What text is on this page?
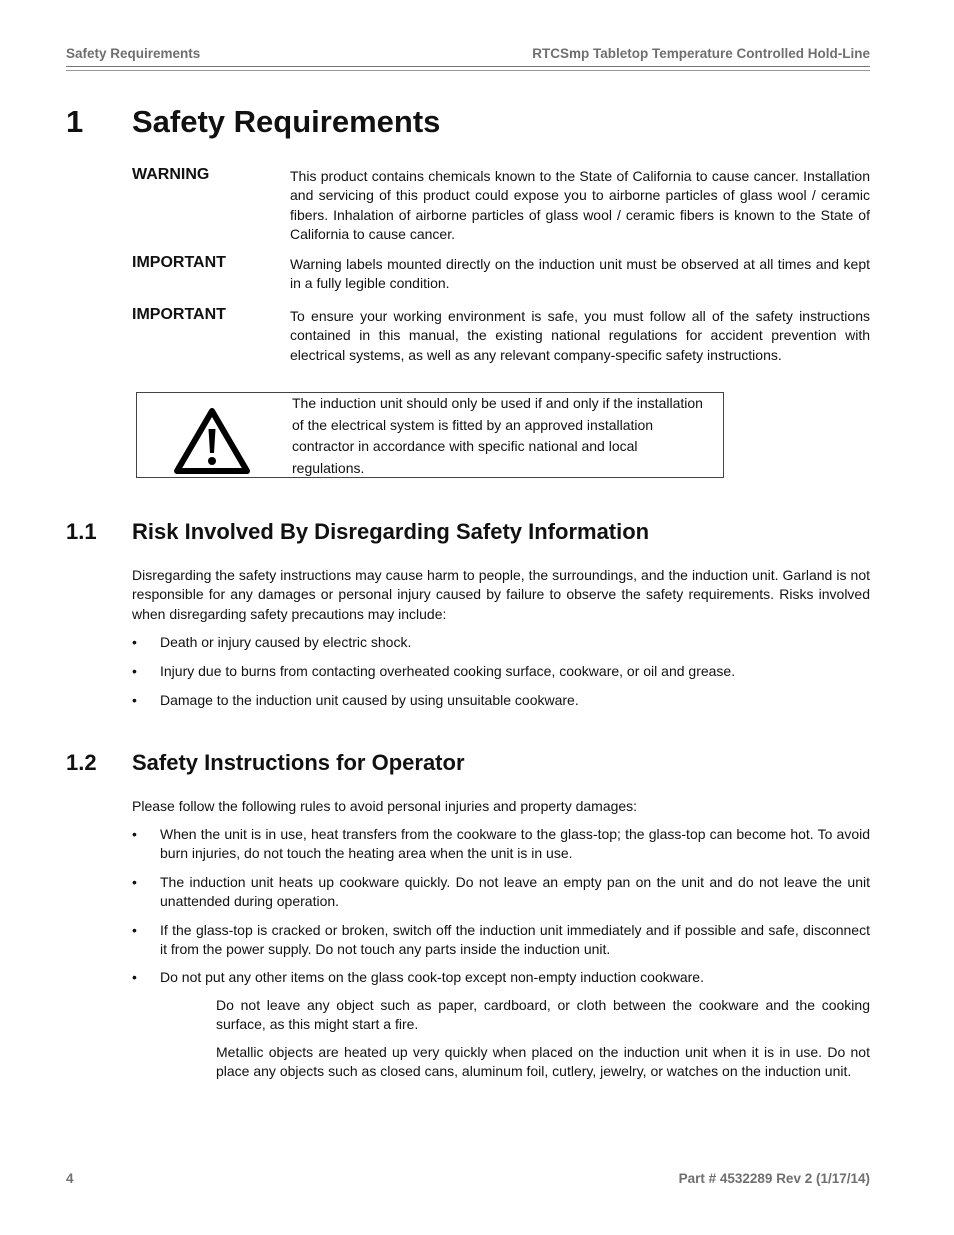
Safety Requirements	RTCSmp Tabletop Temperature Controlled Hold-Line
1 Safety Requirements
WARNING	This product contains chemicals known to the State of California to cause cancer. Installation and servicing of this product could expose you to airborne particles of glass wool / ceramic fibers. Inhalation of airborne particles of glass wool / ceramic fibers is known to the State of California to cause cancer.
IMPORTANT	Warning labels mounted directly on the induction unit must be observed at all times and kept in a fully legible condition.
IMPORTANT	To ensure your working environment is safe, you must follow all of the safety instructions contained in this manual, the existing national regulations for accident prevention with electrical systems, as well as any relevant company-specific safety instructions.
The induction unit should only be used if and only if the installation of the electrical system is fitted by an approved installation contractor in accordance with specific national and local regulations.
1.1 Risk Involved By Disregarding Safety Information
Disregarding the safety instructions may cause harm to people, the surroundings, and the induction unit. Garland is not responsible for any damages or personal injury caused by failure to observe the safety requirements. Risks involved when disregarding safety precautions may include:
• Death or injury caused by electric shock.
• Injury due to burns from contacting overheated cooking surface, cookware, or oil and grease.
• Damage to the induction unit caused by using unsuitable cookware.
1.2 Safety Instructions for Operator
Please follow the following rules to avoid personal injuries and property damages:
• When the unit is in use, heat transfers from the cookware to the glass-top; the glass-top can become hot. To avoid burn injuries, do not touch the heating area when the unit is in use.
• The induction unit heats up cookware quickly. Do not leave an empty pan on the unit and do not leave the unit unattended during operation.
• If the glass-top is cracked or broken, switch off the induction unit immediately and if possible and safe, disconnect it from the power supply. Do not touch any parts inside the induction unit.
• Do not put any other items on the glass cook-top except non-empty induction cookware.
Do not leave any object such as paper, cardboard, or cloth between the cookware and the cooking surface, as this might start a fire.
Metallic objects are heated up very quickly when placed on the induction unit when it is in use. Do not place any objects such as closed cans, aluminum foil, cutlery, jewelry, or watches on the induction unit.
4	Part # 4532289 Rev 2 (1/17/14)
